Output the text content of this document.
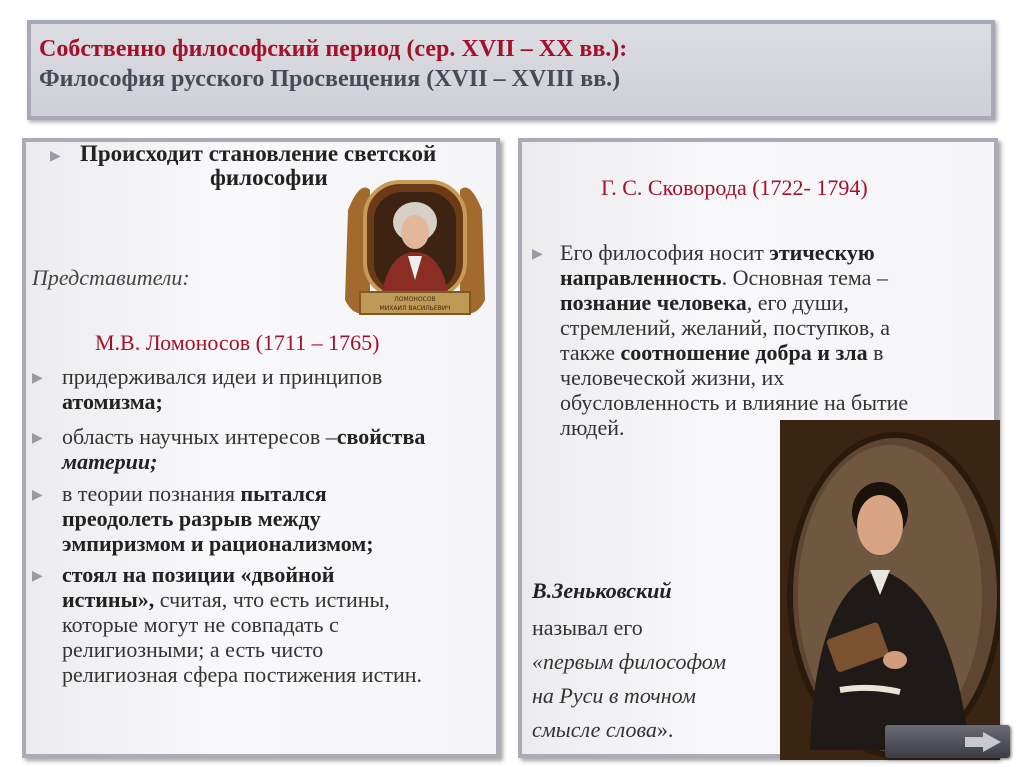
Собственно философский период (сер. XVII – XX вв.):
Философия русского Просвещения (XVII – XVIII вв.)
▶ Происходит становление светской
философии
ЛОМОНОСОВ
МИХАИЛ ВАСИЛЬЕВИЧ
Представители:
М.В. Ломоносов (1711 – 1765)
▶ придерживался идеи и принципов
атомизма;
▶ область научных интересов –свойства
материи;
▶ в теории познания пытался
преодолеть разрыв между
эмпиризмом и рационализмом;
▶ стоял на позиции «двойной
истины», считая, что есть истины,
которые могут не совпадать с
религиозными; а есть чисто
религиозная сфера постижения истин.
Г. С. Сковорода (1722- 1794)
▶ Его философия носит этическую
направленность. Основная тема –
познание человека, его души,
стремлений, желаний, поступков, а
также соотношение добра и зла в
человеческой жизни, их
обусловленность и влияние на бытие
людей.
В.Зеньковский
называл его
«первым философом
на Руси в точном
смысле слова».
